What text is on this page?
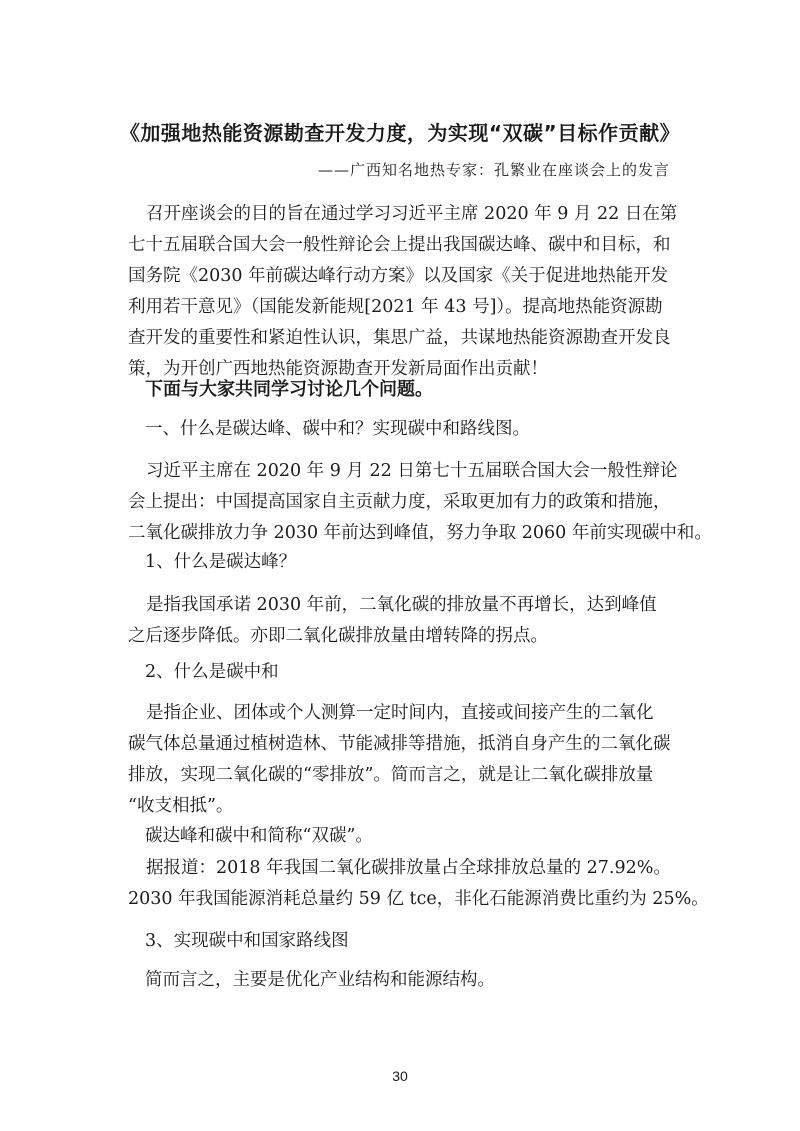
《加强地热能资源勘查开发力度，为实现“双碳”目标作贡献》
——广西知名地热专家：孔繁业在座谈会上的发言

召开座谈会的目的旨在通过学习习近平主席 2020 年 9 月 22 日在第
七十五届联合国大会一般性辩论会上提出我国碳达峰、碳中和目标，和
国务院《2030 年前碳达峰行动方案》以及国家《关于促进地热能开发
利用若干意见》（国能发新能规[2021 年 43 号]）。提高地热能资源勘
查开发的重要性和紧迫性认识，集思广益，共谋地热能资源勘查开发良
策，为开创广西地热能资源勘查开发新局面作出贡献！

下面与大家共同学习讨论几个问题。
一、什么是碳达峰、碳中和？实现碳中和路线图。

习近平主席在 2020 年 9 月 22 日第七十五届联合国大会一般性辩论
会上提出：中国提高国家自主贡献力度，采取更加有力的政策和措施，
二氧化碳排放力争 2030 年前达到峰值，努力争取 2060 年前实现碳中和。

1、什么是碳达峰？

是指我国承诺 2030 年前，二氧化碳的排放量不再增长，达到峰值
之后逐步降低。亦即二氧化碳排放量由增转降的拐点。

2、什么是碳中和

是指企业、团体或个人测算一定时间内，直接或间接产生的二氧化
碳气体总量通过植树造林、节能减排等措施，抵消自身产生的二氧化碳
排放，实现二氧化碳的“零排放”。简而言之，就是让二氧化碳排放量
“收支相抵”。

碳达峰和碳中和简称“双碳”。

据报道：2018 年我国二氧化碳排放量占全球排放总量的 27.92%。
2030 年我国能源消耗总量约 59 亿 tce，非化石能源消费比重约为 25%。

3、实现碳中和国家路线图
简而言之，主要是优化产业结构和能源结构。
30
